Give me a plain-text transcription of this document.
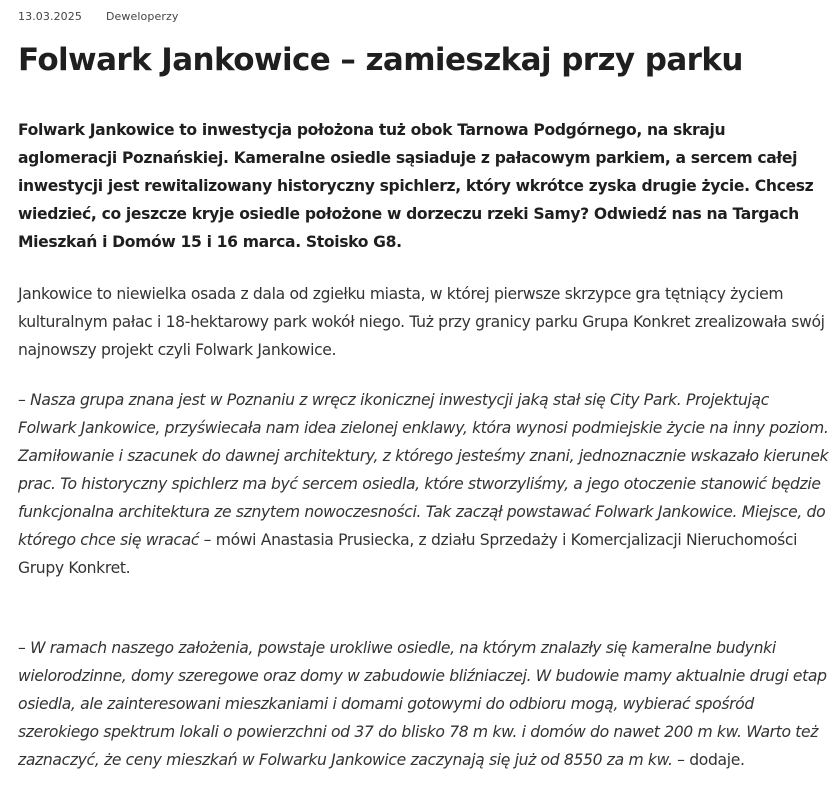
13.03.2025 Deweloperzy
Folwark Jankowice – zamieszkaj przy parku

Folwark Jankowice to inwestycja położona tuż obok Tarnowa Podgórnego, na skraju aglomeracji Poznańskiej. Kameralne osiedle sąsiaduje z pałacowym parkiem, a sercem całej inwestycji jest rewitalizowany historyczny spichlerz, który wkrótce zyska drugie życie. Chcesz wiedzieć, co jeszcze kryje osiedle położone w dorzeczu rzeki Samy? Odwiedź nas na Targach Mieszkań i Domów 15 i 16 marca. Stoisko G8.

Jankowice to niewielka osada z dala od zgiełku miasta, w której pierwsze skrzypce gra tętniący życiem kulturalnym pałac i 18-hektarowy park wokół niego. Tuż przy granicy parku Grupa Konkret zrealizowała swój najnowszy projekt czyli Folwark Jankowice.

– Nasza grupa znana jest w Poznaniu z wręcz ikonicznej inwestycji jaką stał się City Park. Projektując Folwark Jankowice, przyświecała nam idea zielonej enklawy, która wynosi podmiejskie życie na inny poziom. Zamiłowanie i szacunek do dawnej architektury, z którego jesteśmy znani, jednoznacznie wskazało kierunek prac. To historyczny spichlerz ma być sercem osiedla, które stworzyliśmy, a jego otoczenie stanowić będzie funkcjonalna architektura ze sznytem nowoczesności. Tak zaczął powstawać Folwark Jankowice. Miejsce, do którego chce się wracać – mówi Anastasia Prusiecka, z działu Sprzedaży i Komercjalizacji Nieruchomości Grupy Konkret.

– W ramach naszego założenia, powstaje urokliwe osiedle, na którym znalazły się kameralne budynki wielorodzinne, domy szeregowe oraz domy w zabudowie bliźniaczej. W budowie mamy aktualnie drugi etap osiedla, ale zainteresowani mieszkaniami i domami gotowymi do odbioru mogą, wybierać spośród szerokiego spektrum lokali o powierzchni od 37 do blisko 78 m kw. i domów do nawet 200 m kw. Warto też zaznaczyć, że ceny mieszkań w Folwarku Jankowice zaczynają się już od 8550 za m kw. – dodaje.
